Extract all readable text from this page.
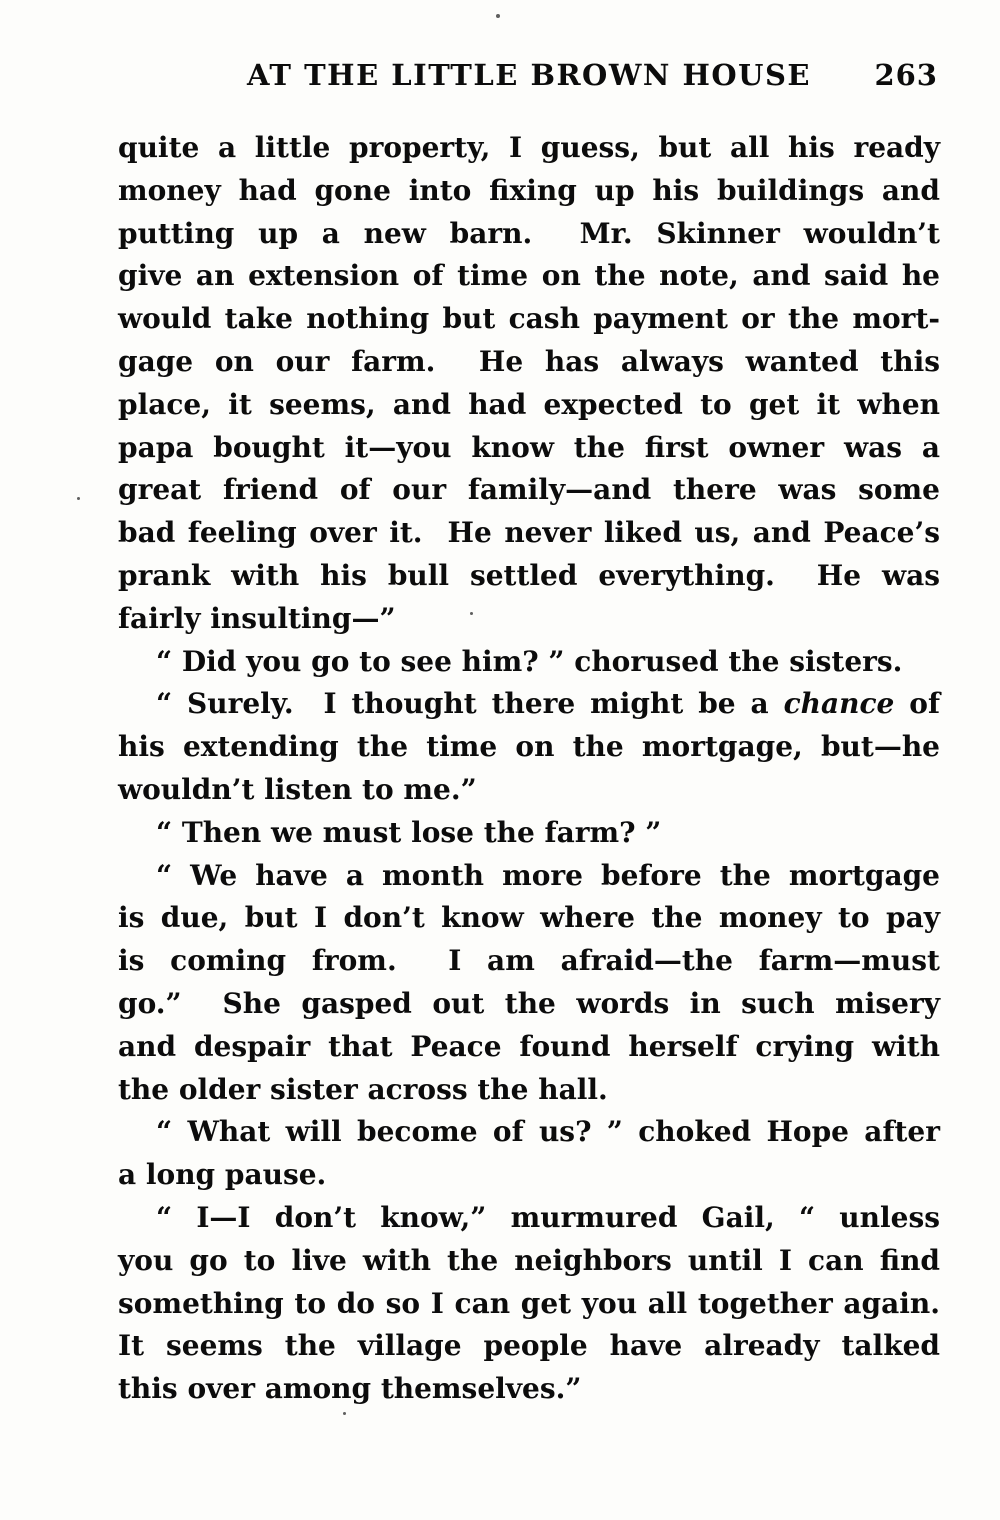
AT THE LITTLE BROWN HOUSE	263
quite a little property, I guess, but all his ready
money had gone into fixing up his buildings and
putting up a new barn.  Mr. Skinner wouldn’t
give an extension of time on the note, and said he
would take nothing but cash payment or the mort-
gage on our farm.  He has always wanted this
place, it seems, and had expected to get it when
papa bought it—you know the first owner was a
great friend of our family—and there was some
bad feeling over it.  He never liked us, and Peace’s
prank with his bull settled everything.  He was
fairly insulting—”
“ Did you go to see him? ” chorused the sisters.
“ Surely.  I thought there might be a chance of
his extending the time on the mortgage, but—he
wouldn’t listen to me.”
“ Then we must lose the farm? ”
“ We have a month more before the mortgage
is due, but I don’t know where the money to pay
is coming from.  I am afraid—the farm—must
go.”  She gasped out the words in such misery
and despair that Peace found herself crying with
the older sister across the hall.
“ What will become of us? ” choked Hope after
a long pause.
“ I—I don’t know,” murmured Gail, “ unless
you go to live with the neighbors until I can find
something to do so I can get you all together again.
It seems the village people have already talked
this over among themselves.”
